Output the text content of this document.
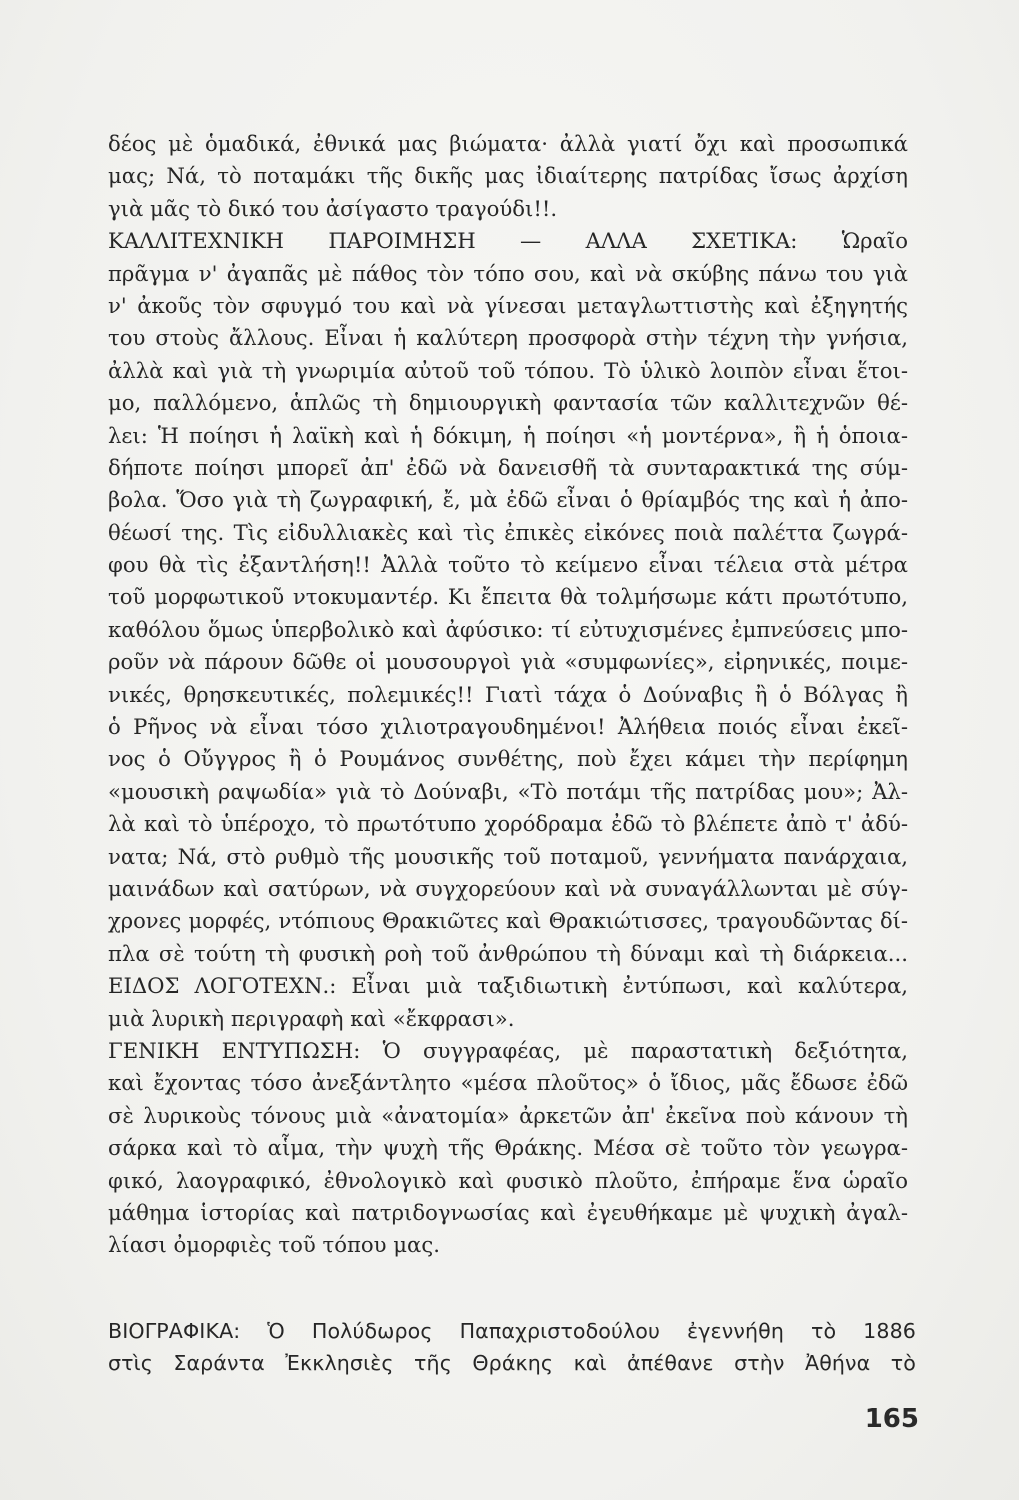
δέος μὲ ὁμαδικά, ἐθνικά μας βιώματα· ἀλλὰ γιατί ὄχι καὶ προσωπικά
μας; Νά, τὸ ποταμάκι τῆς δικῆς μας ἰδιαίτερης πατρίδας ἴσως ἀρχίση
γιὰ μᾶς τὸ δικό του ἀσίγαστο τραγούδι!!.
ΚΑΛΛΙΤΕΧΝΙΚΗ ΠΑΡΟΙΜΗΣΗ — ΑΛΛΑ ΣΧΕΤΙΚΑ: Ὡραῖο
πρᾶγμα ν' ἀγαπᾶς μὲ πάθος τὸν τόπο σου, καὶ νὰ σκύβης πάνω του γιὰ
ν' ἀκοῦς τὸν σφυγμό του καὶ νὰ γίνεσαι μεταγλωττιστὴς καὶ ἐξηγητής
του στοὺς ἄλλους. Εἶναι ἡ καλύτερη προσφορὰ στὴν τέχνη τὴν γνήσια,
ἀλλὰ καὶ γιὰ τὴ γνωριμία αὐτοῦ τοῦ τόπου. Τὸ ὑλικὸ λοιπὸν εἶναι ἕτοι-
μο, παλλόμενο, ἁπλῶς τὴ δημιουργικὴ φαντασία τῶν καλλιτεχνῶν θέ-
λει: Ἡ ποίησι ἡ λαϊκὴ καὶ ἡ δόκιμη, ἡ ποίησι «ἡ μοντέρνα», ἢ ἡ ὁποια-
δήποτε ποίησι μπορεῖ ἀπ' ἐδῶ νὰ δανεισθῆ τὰ συνταρακτικά της σύμ-
βολα. Ὅσο γιὰ τὴ ζωγραφική, ἔ, μὰ ἐδῶ εἶναι ὁ θρίαμβός της καὶ ἡ ἀπο-
θέωσί της. Τὶς εἰδυλλιακὲς καὶ τὶς ἐπικὲς εἰκόνες ποιὰ παλέττα ζωγρά-
φου θὰ τὶς ἐξαντλήση!! Ἀλλὰ τοῦτο τὸ κείμενο εἶναι τέλεια στὰ μέτρα
τοῦ μορφωτικοῦ ντοκυμαντέρ. Κι ἔπειτα θὰ τολμήσωμε κάτι πρωτότυπο,
καθόλου ὅμως ὑπερβολικὸ καὶ ἀφύσικο: τί εὐτυχισμένες ἐμπνεύσεις μπο-
ροῦν νὰ πάρουν δῶθε οἱ μουσουργοὶ γιὰ «συμφωνίες», εἰρηνικές, ποιμε-
νικές, θρησκευτικές, πολεμικές!! Γιατὶ τάχα ὁ Δούναβις ἢ ὁ Βόλγας ἢ
ὁ Ρῆνος νὰ εἶναι τόσο χιλιοτραγουδημένοι! Ἀλήθεια ποιός εἶναι ἐκεῖ-
νος ὁ Οὔγγρος ἢ ὁ Ρουμάνος συνθέτης, ποὺ ἔχει κάμει τὴν περίφημη
«μουσικὴ ραψωδία» γιὰ τὸ Δούναβι, «Τὸ ποτάμι τῆς πατρίδας μου»; Ἀλ-
λὰ καὶ τὸ ὑπέροχο, τὸ πρωτότυπο χορόδραμα ἐδῶ τὸ βλέπετε ἀπὸ τ' ἀδύ-
νατα; Νά, στὸ ρυθμὸ τῆς μουσικῆς τοῦ ποταμοῦ, γεννήματα πανάρχαια,
μαινάδων καὶ σατύρων, νὰ συγχορεύουν καὶ νὰ συναγάλλωνται μὲ σύγ-
χρονες μορφές, ντόπιους Θρακιῶτες καὶ Θρακιώτισσες, τραγουδῶντας δί-
πλα σὲ τούτη τὴ φυσικὴ ροὴ τοῦ ἀνθρώπου τὴ δύναμι καὶ τὴ διάρκεια...
ΕΙΔΟΣ ΛΟΓΟΤΕΧΝ.: Εἶναι μιὰ ταξιδιωτικὴ ἐντύπωσι, καὶ καλύτερα,
μιὰ λυρικὴ περιγραφὴ καὶ «ἔκφρασι».
ΓΕΝΙΚΗ ΕΝΤΥΠΩΣΗ: Ὁ συγγραφέας, μὲ παραστατικὴ δεξιότητα,
καὶ ἔχοντας τόσο ἀνεξάντλητο «μέσα πλοῦτος» ὁ ἴδιος, μᾶς ἔδωσε ἐδῶ
σὲ λυρικοὺς τόνους μιὰ «ἀνατομία» ἀρκετῶν ἀπ' ἐκεῖνα ποὺ κάνουν τὴ
σάρκα καὶ τὸ αἷμα, τὴν ψυχὴ τῆς Θράκης. Μέσα σὲ τοῦτο τὸν γεωγρα-
φικό, λαογραφικό, ἐθνολογικὸ καὶ φυσικὸ πλοῦτο, ἐπήραμε ἕνα ὡραῖο
μάθημα ἱστορίας καὶ πατριδογνωσίας καὶ ἐγευθήκαμε μὲ ψυχικὴ ἀγαλ-
λίασι ὀμορφιὲς τοῦ τόπου μας.
ΒΙΟΓΡΑΦΙΚΑ: Ὁ Πολύδωρος Παπαχριστοδούλου ἐγεννήθη τὸ 1886
στὶς Σαράντα Ἐκκλησιὲς τῆς Θράκης καὶ ἀπέθανε στὴν Ἀθήνα τὸ
165
